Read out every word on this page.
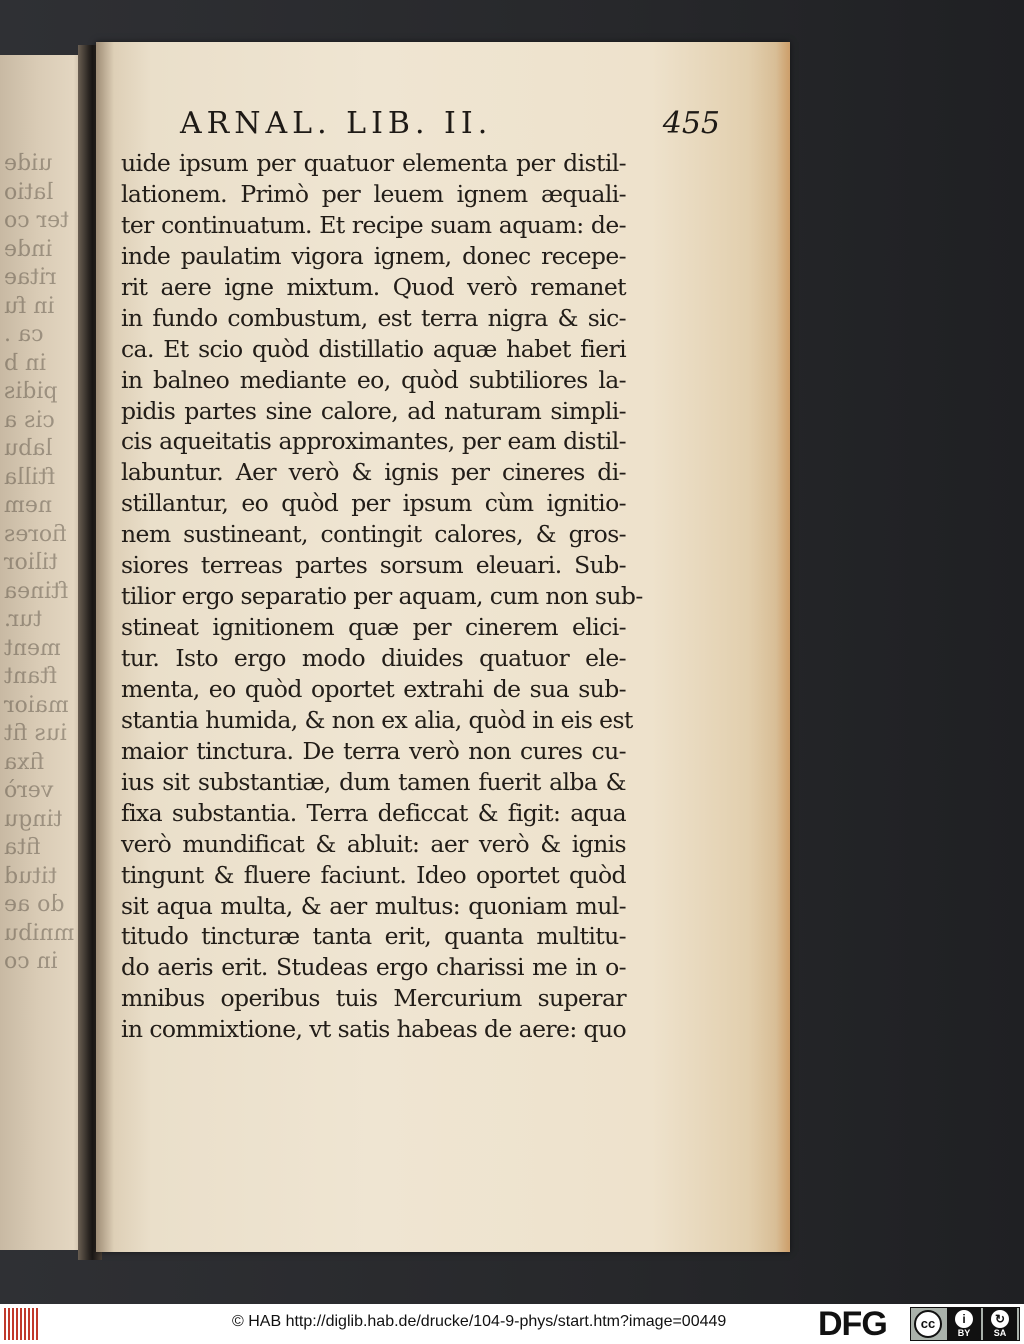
uide
latio
ter co
inde
ritae
in fu
ca .
in b
pidis
cis a
labu
ftilla
nem
fiores
tilior
ftinea
tur.
ment
ftant
maior
ius fit
fixa
verò
tingu
fita
titud
do ae
mnibu
in co
ARNAL. LIB. II.	455
uide ipsum per quatuor elementa per distil-
lationem. Primò per leuem ignem æquali-
ter continuatum. Et recipe suam aquam: de-
inde paulatim vigora ignem, donec recepe-
rit aere igne mixtum. Quod verò remanet
in fundo combustum, est terra nigra & sic-
ca. Et scio quòd distillatio aquæ habet fieri
in balneo mediante eo, quòd subtiliores la-
pidis partes sine calore, ad naturam simpli-
cis aqueitatis approximantes, per eam distil-
labuntur. Aer verò & ignis per cineres di-
stillantur, eo quòd per ipsum cùm ignitio-
nem sustineant, contingit calores, & gros-
siores terreas partes sorsum eleuari. Sub-
tilior ergo separatio per aquam, cum non sub-
stineat ignitionem quæ per cinerem elici-
tur. Isto ergo modo diuides quatuor ele-
menta, eo quòd oportet extrahi de sua sub-
stantia humida, & non ex alia, quòd in eis est
maior tinctura. De terra verò non cures cu-
ius sit substantiæ, dum tamen fuerit alba &
fixa substantia. Terra deficcat & figit: aqua
verò mundificat & abluit: aer verò & ignis
tingunt & fluere faciunt. Ideo oportet quòd
sit aqua multa, & aer multus: quoniam mul-
titudo tincturæ tanta erit, quanta multitu-
do aeris erit. Studeas ergo charissi me in o-
mnibus operibus tuis Mercurium superar
in commixtione, vt satis habeas de aere: quo
© HAB http://diglib.hab.de/drucke/104-9-phys/start.htm?image=00449	DFG	cc	i
BY
↻
SA
